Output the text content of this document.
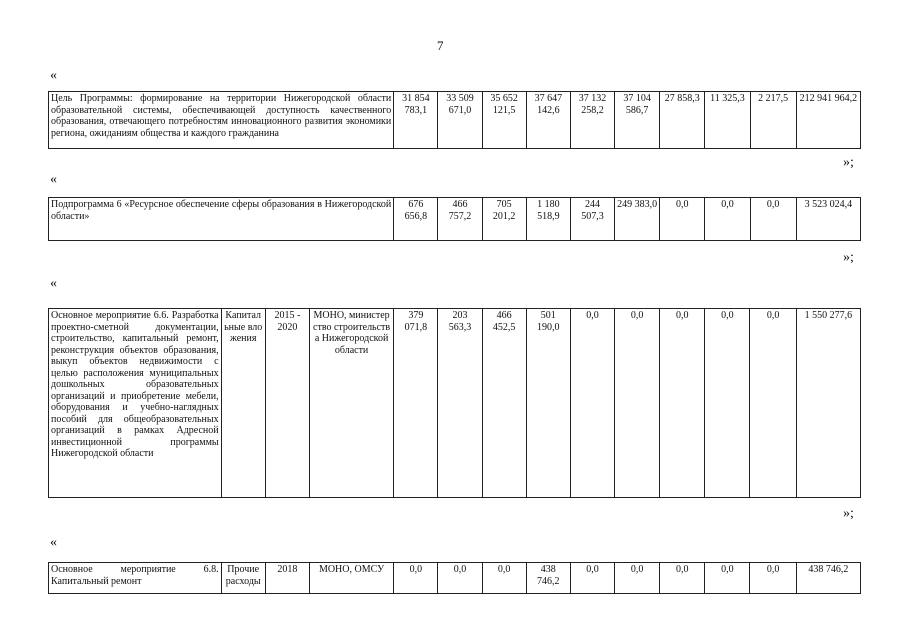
7
«
Цель Программы: формирование на территории Нижегородской области образовательной системы, обеспечивающей доступность качественного образования, отвечающего потребностям инновационного развития экономики региона, ожиданиям общества и каждого гражданина	31 854 783,1	33 509 671,0	35 652 121,5	37 647 142,6	37 132 258,2	37 104 586,7	27 858,3	11 325,3	2 217,5	212 941 964,2
»;
«
Подпрограмма 6 «Ресурсное обеспечение сферы образования в Нижегородской области»	676 656,8	466 757,2	705 201,2	1 180 518,9	244 507,3	249 383,0	0,0	0,0	0,0	3 523 024,4
»;
«
Основное мероприятие 6.6. Разработка проектно-сметной документации, строительство, капитальный ремонт, реконструкция объектов образования, выкуп объектов недвижимости с целью расположения муниципальных дошкольных образовательных организаций и приобретение мебели, оборудования и учебно-наглядных пособий для общеобразовательных организаций в рамках Адресной инвестиционной программы Нижегородской области	Капитальные вложения	2015 - 2020	МОНО, министерство строительства Нижегородской области	379 071,8	203 563,3	466 452,5	501 190,0	0,0	0,0	0,0	0,0	0,0	1 550 277,6
»;
«
Основное мероприятие 6.8. Капитальный ремонт	Прочие расходы	2018	МОНО, ОМСУ	0,0	0,0	0,0	438 746,2	0,0	0,0	0,0	0,0	0,0	438 746,2
